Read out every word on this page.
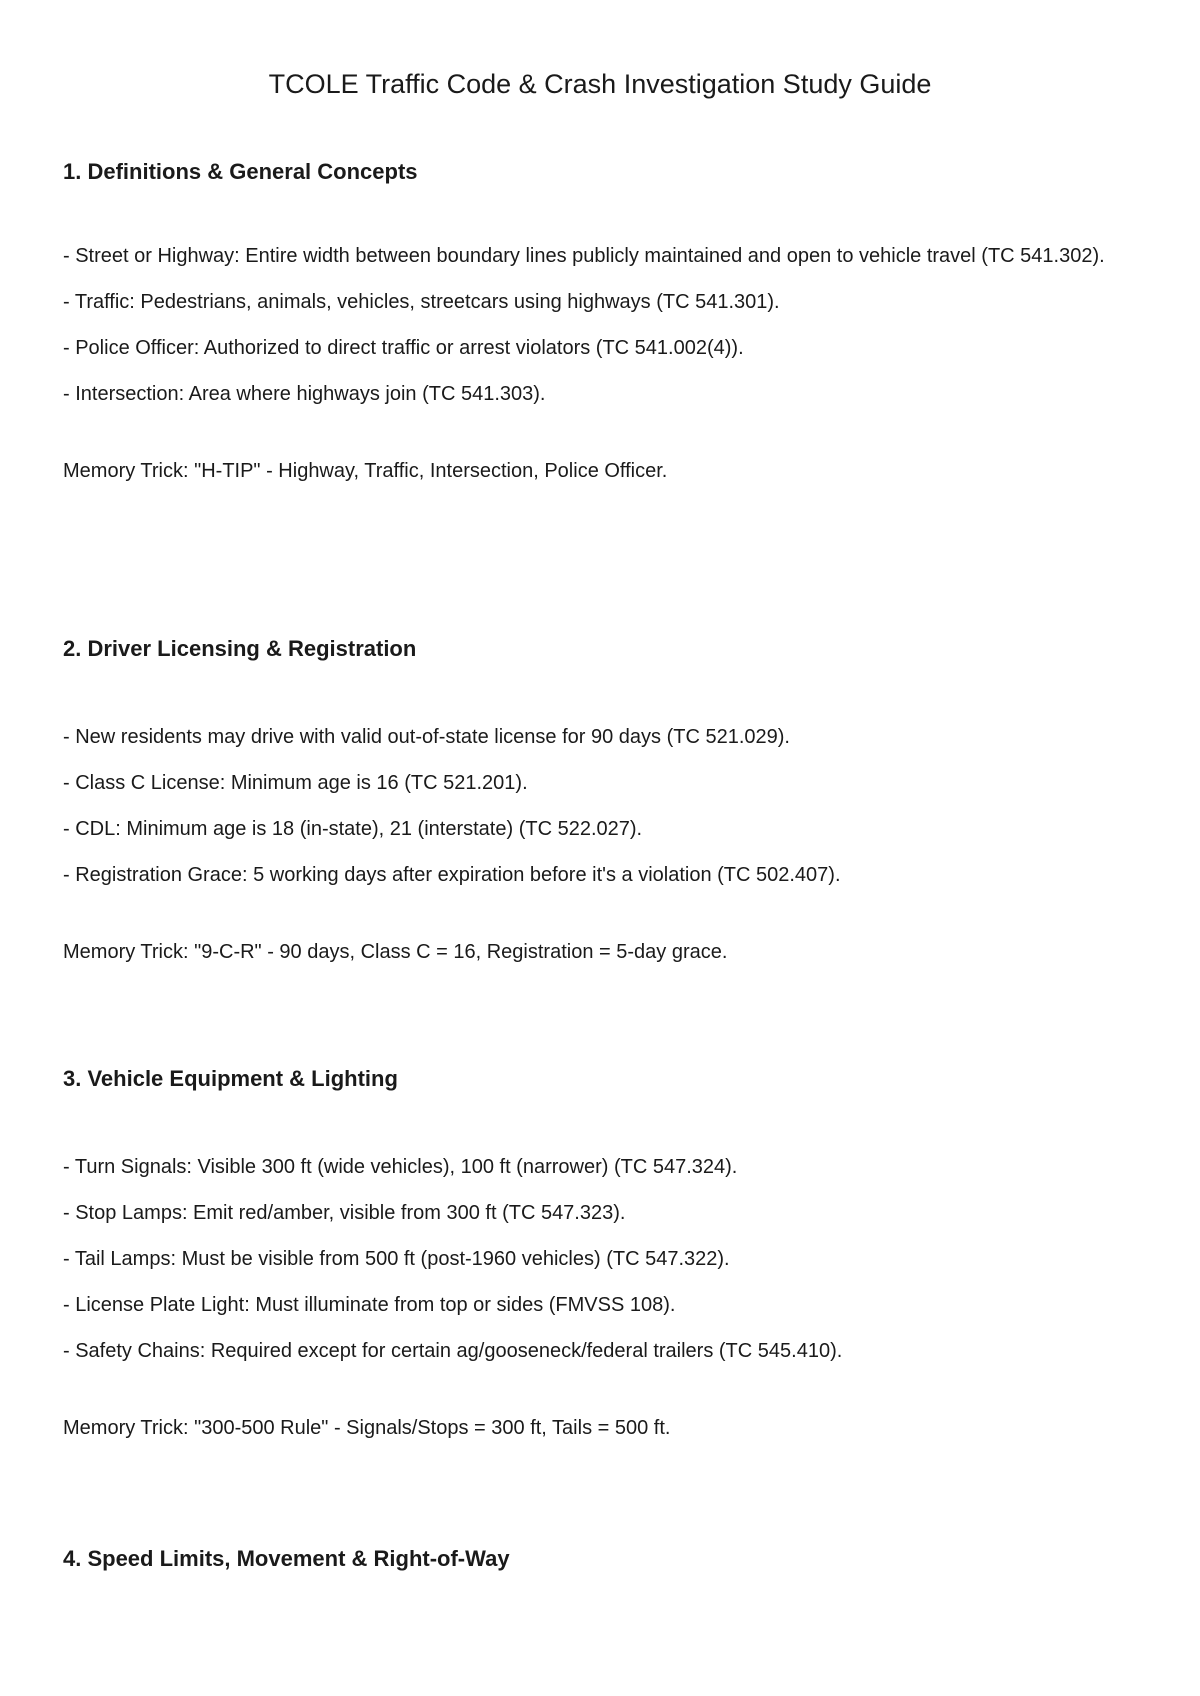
TCOLE Traffic Code & Crash Investigation Study Guide
1. Definitions & General Concepts
- Street or Highway: Entire width between boundary lines publicly maintained and open to vehicle travel (TC 541.302).
- Traffic: Pedestrians, animals, vehicles, streetcars using highways (TC 541.301).
- Police Officer: Authorized to direct traffic or arrest violators (TC 541.002(4)).
- Intersection: Area where highways join (TC 541.303).

Memory Trick: "H-TIP" - Highway, Traffic, Intersection, Police Officer.

2. Driver Licensing & Registration
- New residents may drive with valid out-of-state license for 90 days (TC 521.029).
- Class C License: Minimum age is 16 (TC 521.201).
- CDL: Minimum age is 18 (in-state), 21 (interstate) (TC 522.027).
- Registration Grace: 5 working days after expiration before it's a violation (TC 502.407).

Memory Trick: "9-C-R" - 90 days, Class C = 16, Registration = 5-day grace.

3. Vehicle Equipment & Lighting
- Turn Signals: Visible 300 ft (wide vehicles), 100 ft (narrower) (TC 547.324).
- Stop Lamps: Emit red/amber, visible from 300 ft (TC 547.323).
- Tail Lamps: Must be visible from 500 ft (post-1960 vehicles) (TC 547.322).
- License Plate Light: Must illuminate from top or sides (FMVSS 108).
- Safety Chains: Required except for certain ag/gooseneck/federal trailers (TC 545.410).

Memory Trick: "300-500 Rule" - Signals/Stops = 300 ft, Tails = 500 ft.

4. Speed Limits, Movement & Right-of-Way
